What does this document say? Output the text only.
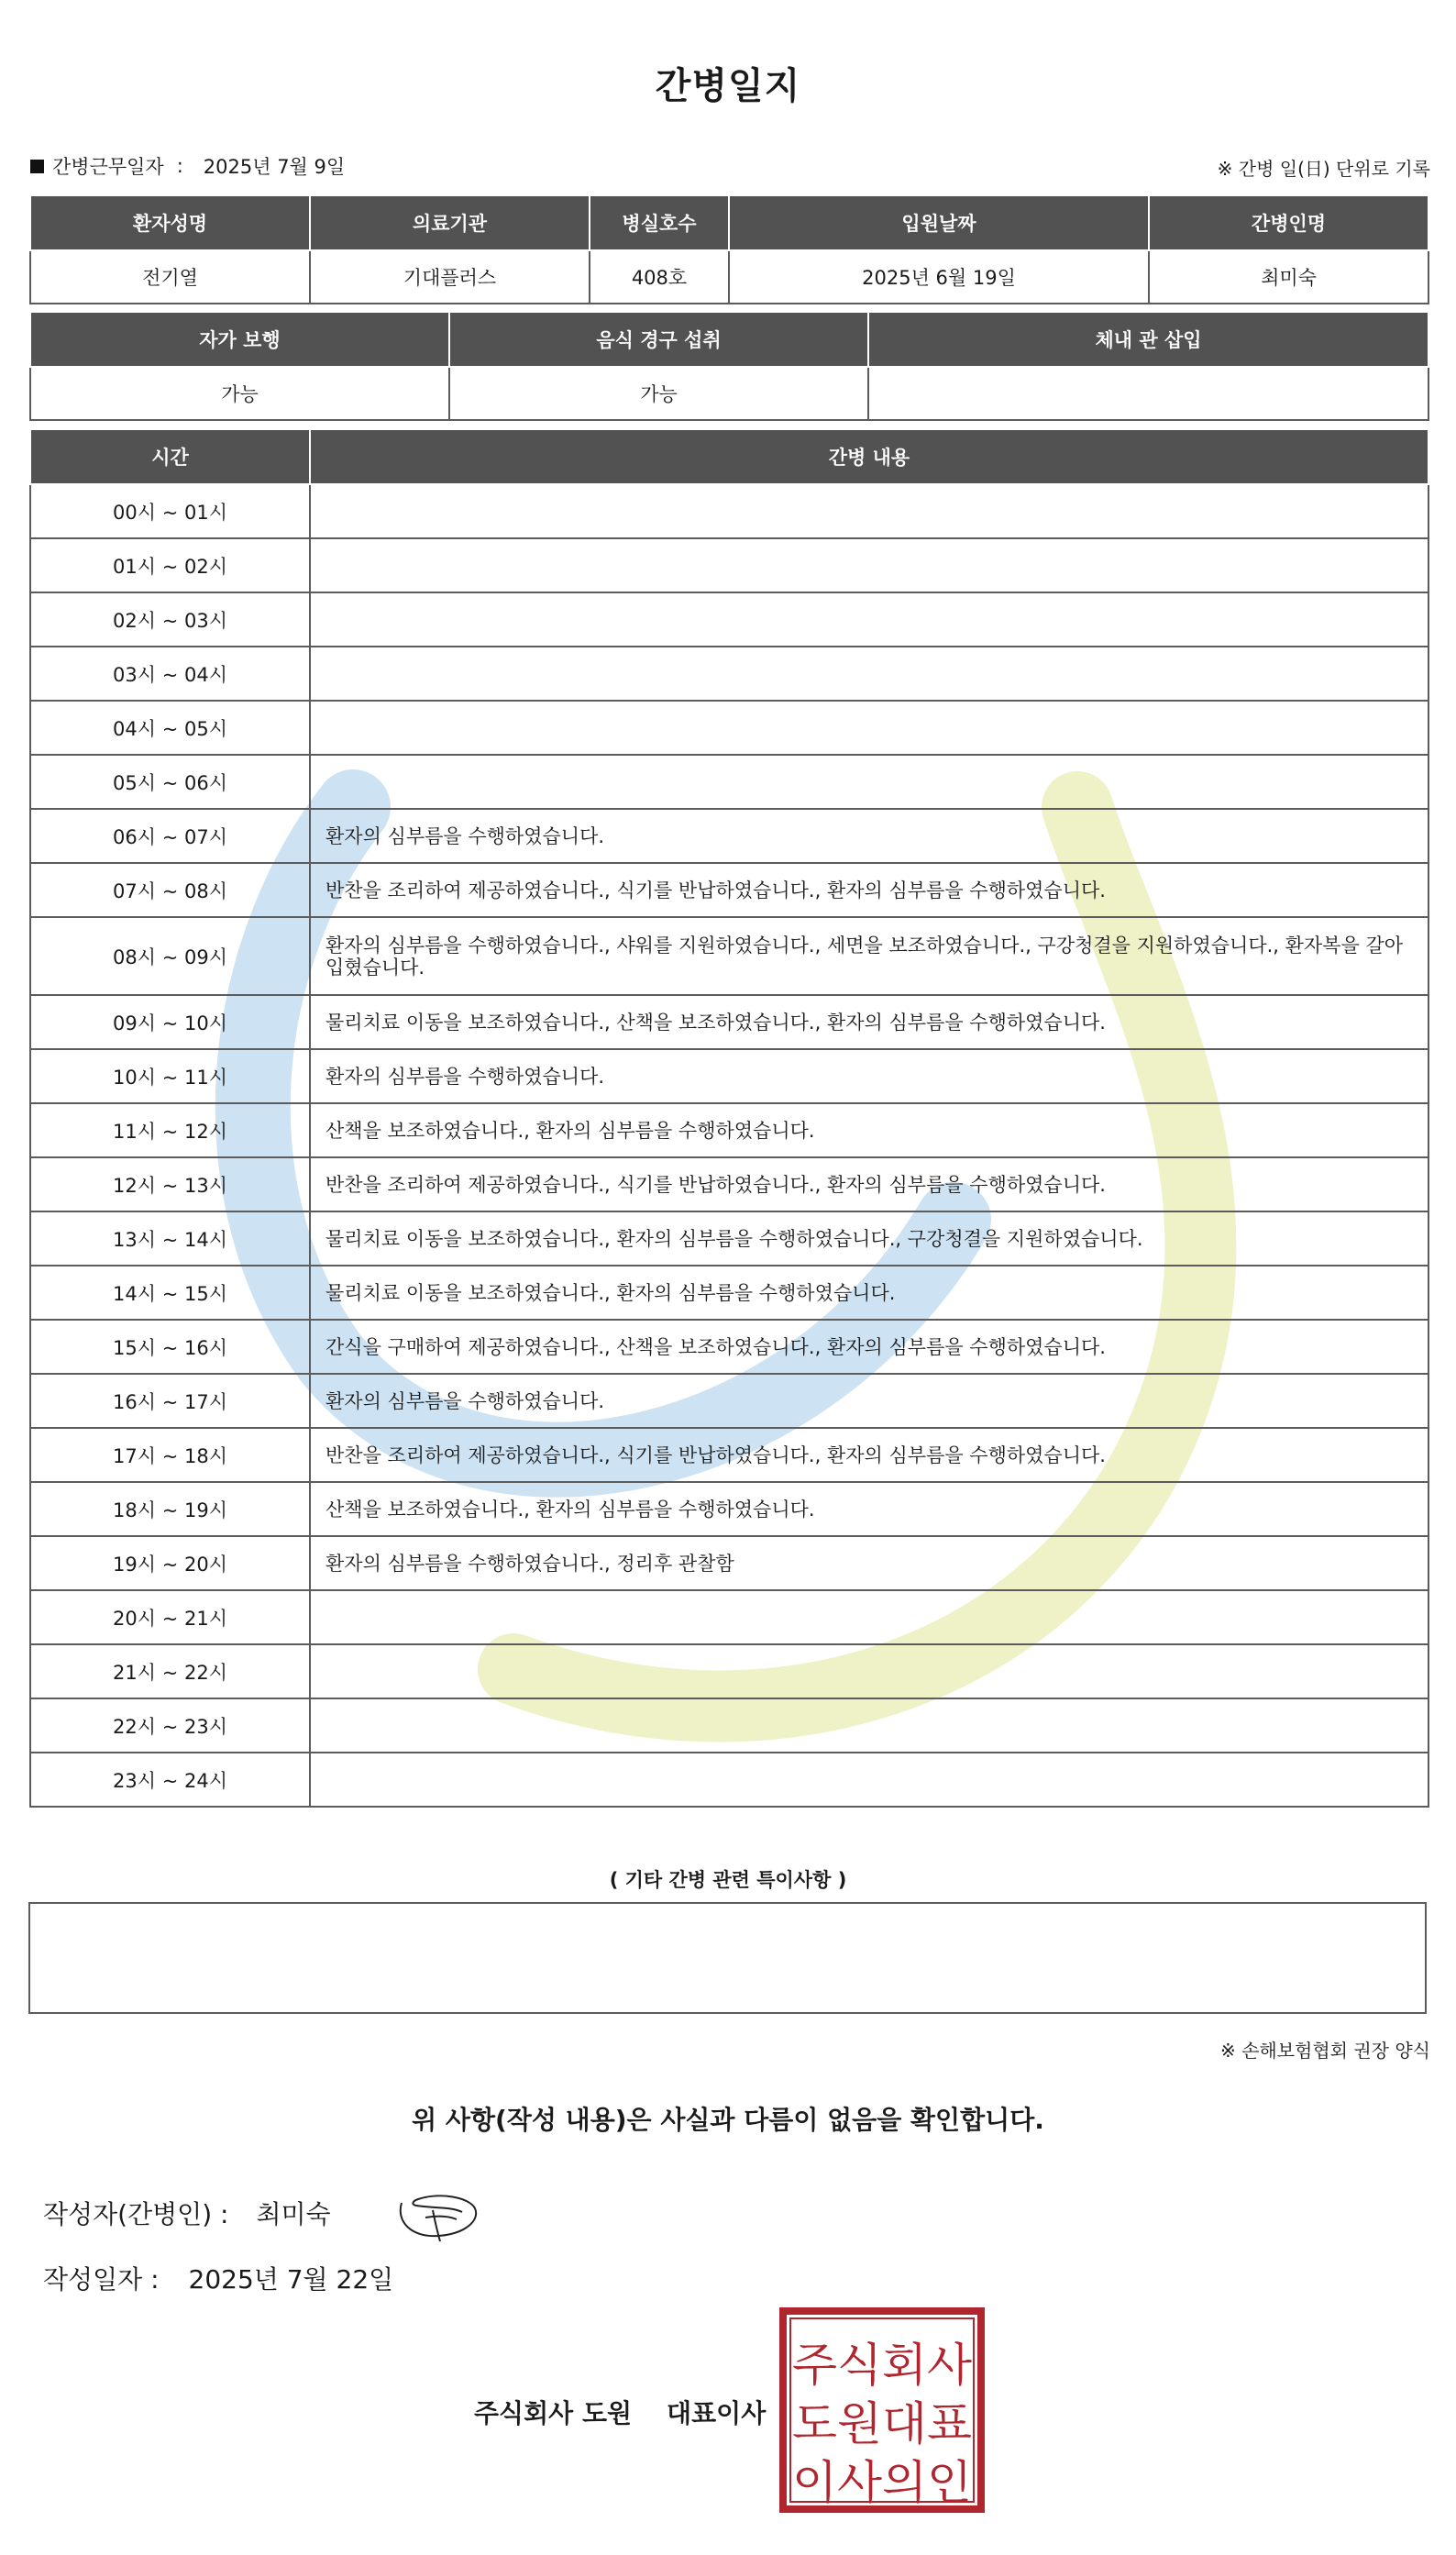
간병일지
간병근무일자 : 2025년 7월 9일	※ 간병 일(日) 단위로 기록
환자성명	의료기관	병실호수	입원날짜	간병인명
전기열	기대플러스	408호	2025년 6월 19일	최미숙
자가 보행	음식 경구 섭취	체내 관 삽입
가능	가능	
시간	간병 내용
00시 ~ 01시	
01시 ~ 02시	
02시 ~ 03시	
03시 ~ 04시	
04시 ~ 05시	
05시 ~ 06시	
06시 ~ 07시	환자의 심부름을 수행하였습니다.
07시 ~ 08시	반찬을 조리하여 제공하였습니다., 식기를 반납하였습니다., 환자의 심부름을 수행하였습니다.
08시 ~ 09시	환자의 심부름을 수행하였습니다., 샤워를 지원하였습니다., 세면을 보조하였습니다., 구강청결을 지원하였습니다., 환자복을 갈아입혔습니다.
09시 ~ 10시	물리치료 이동을 보조하였습니다., 산책을 보조하였습니다., 환자의 심부름을 수행하였습니다.
10시 ~ 11시	환자의 심부름을 수행하였습니다.
11시 ~ 12시	산책을 보조하였습니다., 환자의 심부름을 수행하였습니다.
12시 ~ 13시	반찬을 조리하여 제공하였습니다., 식기를 반납하였습니다., 환자의 심부름을 수행하였습니다.
13시 ~ 14시	물리치료 이동을 보조하였습니다., 환자의 심부름을 수행하였습니다., 구강청결을 지원하였습니다.
14시 ~ 15시	물리치료 이동을 보조하였습니다., 환자의 심부름을 수행하였습니다.
15시 ~ 16시	간식을 구매하여 제공하였습니다., 산책을 보조하였습니다., 환자의 심부름을 수행하였습니다.
16시 ~ 17시	환자의 심부름을 수행하였습니다.
17시 ~ 18시	반찬을 조리하여 제공하였습니다., 식기를 반납하였습니다., 환자의 심부름을 수행하였습니다.
18시 ~ 19시	산책을 보조하였습니다., 환자의 심부름을 수행하였습니다.
19시 ~ 20시	환자의 심부름을 수행하였습니다., 정리후 관찰함
20시 ~ 21시	
21시 ~ 22시	
22시 ~ 23시	
23시 ~ 24시	
( 기타 간병 관련 특이사항 )
※ 손해보험협회 권장 양식
위 사항(작성 내용)은 사실과 다름이 없음을 확인합니다.
작성자(간병인) : 최미숙
작성일자 : 2025년 7월 22일
주식회사 도원 대표이사
주식회사
도원대표
이사의인
